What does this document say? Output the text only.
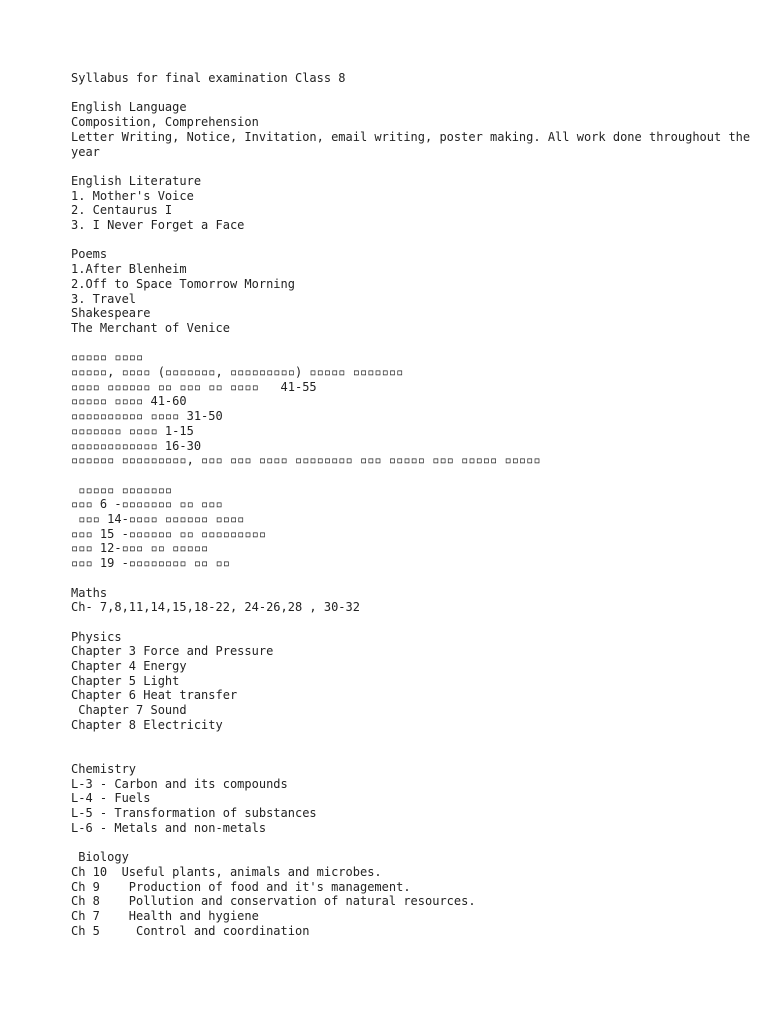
Syllabus for final examination Class 8
English Language
Composition, Comprehension
Letter Writing, Notice, Invitation, email writing, poster making. All work done throughout the year
English Literature
1. Mother's Voice
2. Centaurus I
3. I Never Forget a Face
Poems
1.After Blenheim
2.Off to Space Tomorrow Morning
3. Travel
Shakespeare
The Merchant of Venice
▫▫▫▫▫ ▫▫▫▫
▫▫▫▫▫, ▫▫▫▫ (▫▫▫▫▫▫▫, ▫▫▫▫▫▫▫▫▫) ▫▫▫▫▫ ▫▫▫▫▫▫▫
▫▫▫▫ ▫▫▫▫▫▫ ▫▫ ▫▫▫ ▫▫ ▫▫▫▫   41-55
▫▫▫▫▫ ▫▫▫▫ 41-60
▫▫▫▫▫▫▫▫▫▫ ▫▫▫▫ 31-50
▫▫▫▫▫▫▫ ▫▫▫▫ 1-15
▫▫▫▫▫▫▫▫▫▫▫▫ 16-30
▫▫▫▫▫▫ ▫▫▫▫▫▫▫▫▫, ▫▫▫ ▫▫▫ ▫▫▫▫ ▫▫▫▫▫▫▫▫ ▫▫▫ ▫▫▫▫▫ ▫▫▫ ▫▫▫▫▫ ▫▫▫▫▫
▫▫▫▫▫ ▫▫▫▫▫▫▫
▫▫▫ 6 -▫▫▫▫▫▫▫ ▫▫ ▫▫▫
▫▫▫ 14-▫▫▫▫ ▫▫▫▫▫▫ ▫▫▫▫
▫▫▫ 15 -▫▫▫▫▫▫ ▫▫ ▫▫▫▫▫▫▫▫▫
▫▫▫ 12-▫▫▫ ▫▫ ▫▫▫▫▫
▫▫▫ 19 -▫▫▫▫▫▫▫▫ ▫▫ ▫▫
Maths
Ch- 7,8,11,14,15,18-22, 24-26,28 , 30-32
Physics
Chapter 3 Force and Pressure
Chapter 4 Energy
Chapter 5 Light
Chapter 6 Heat transfer
Chapter 7 Sound
Chapter 8 Electricity
Chemistry
L-3 - Carbon and its compounds
L-4 - Fuels
L-5 - Transformation of substances
L-6 - Metals and non-metals
Biology
Ch 10  Useful plants, animals and microbes.
Ch 9    Production of food and it's management.
Ch 8    Pollution and conservation of natural resources.
Ch 7    Health and hygiene
Ch 5     Control and coordination
